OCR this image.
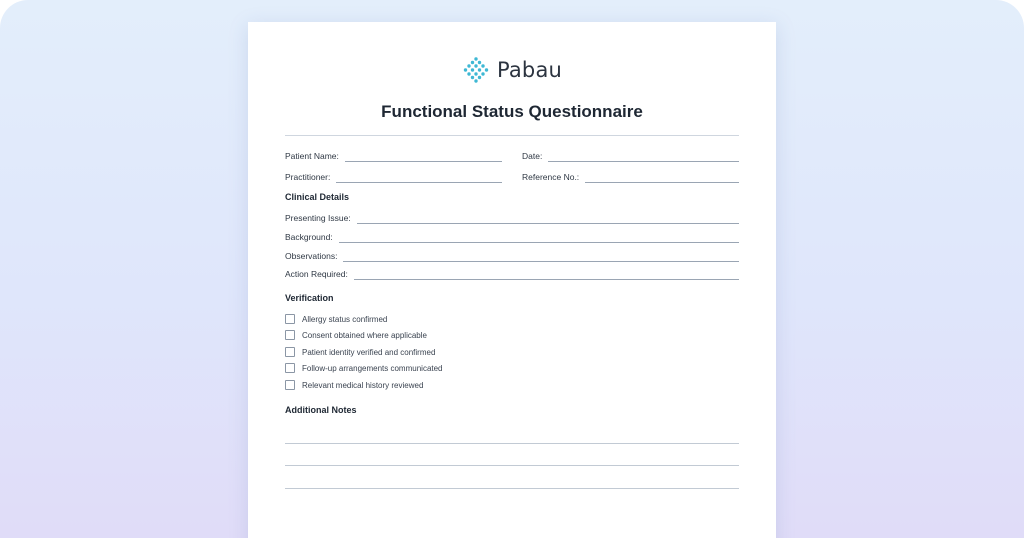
Pabau
Functional Status Questionnaire
Patient Name:	Date:
Practitioner:	Reference No.:
Clinical Details
Presenting Issue:
Background:
Observations:
Action Required:
Verification
Allergy status confirmed
Consent obtained where applicable
Patient identity verified and confirmed
Follow-up arrangements communicated
Relevant medical history reviewed
Additional Notes
